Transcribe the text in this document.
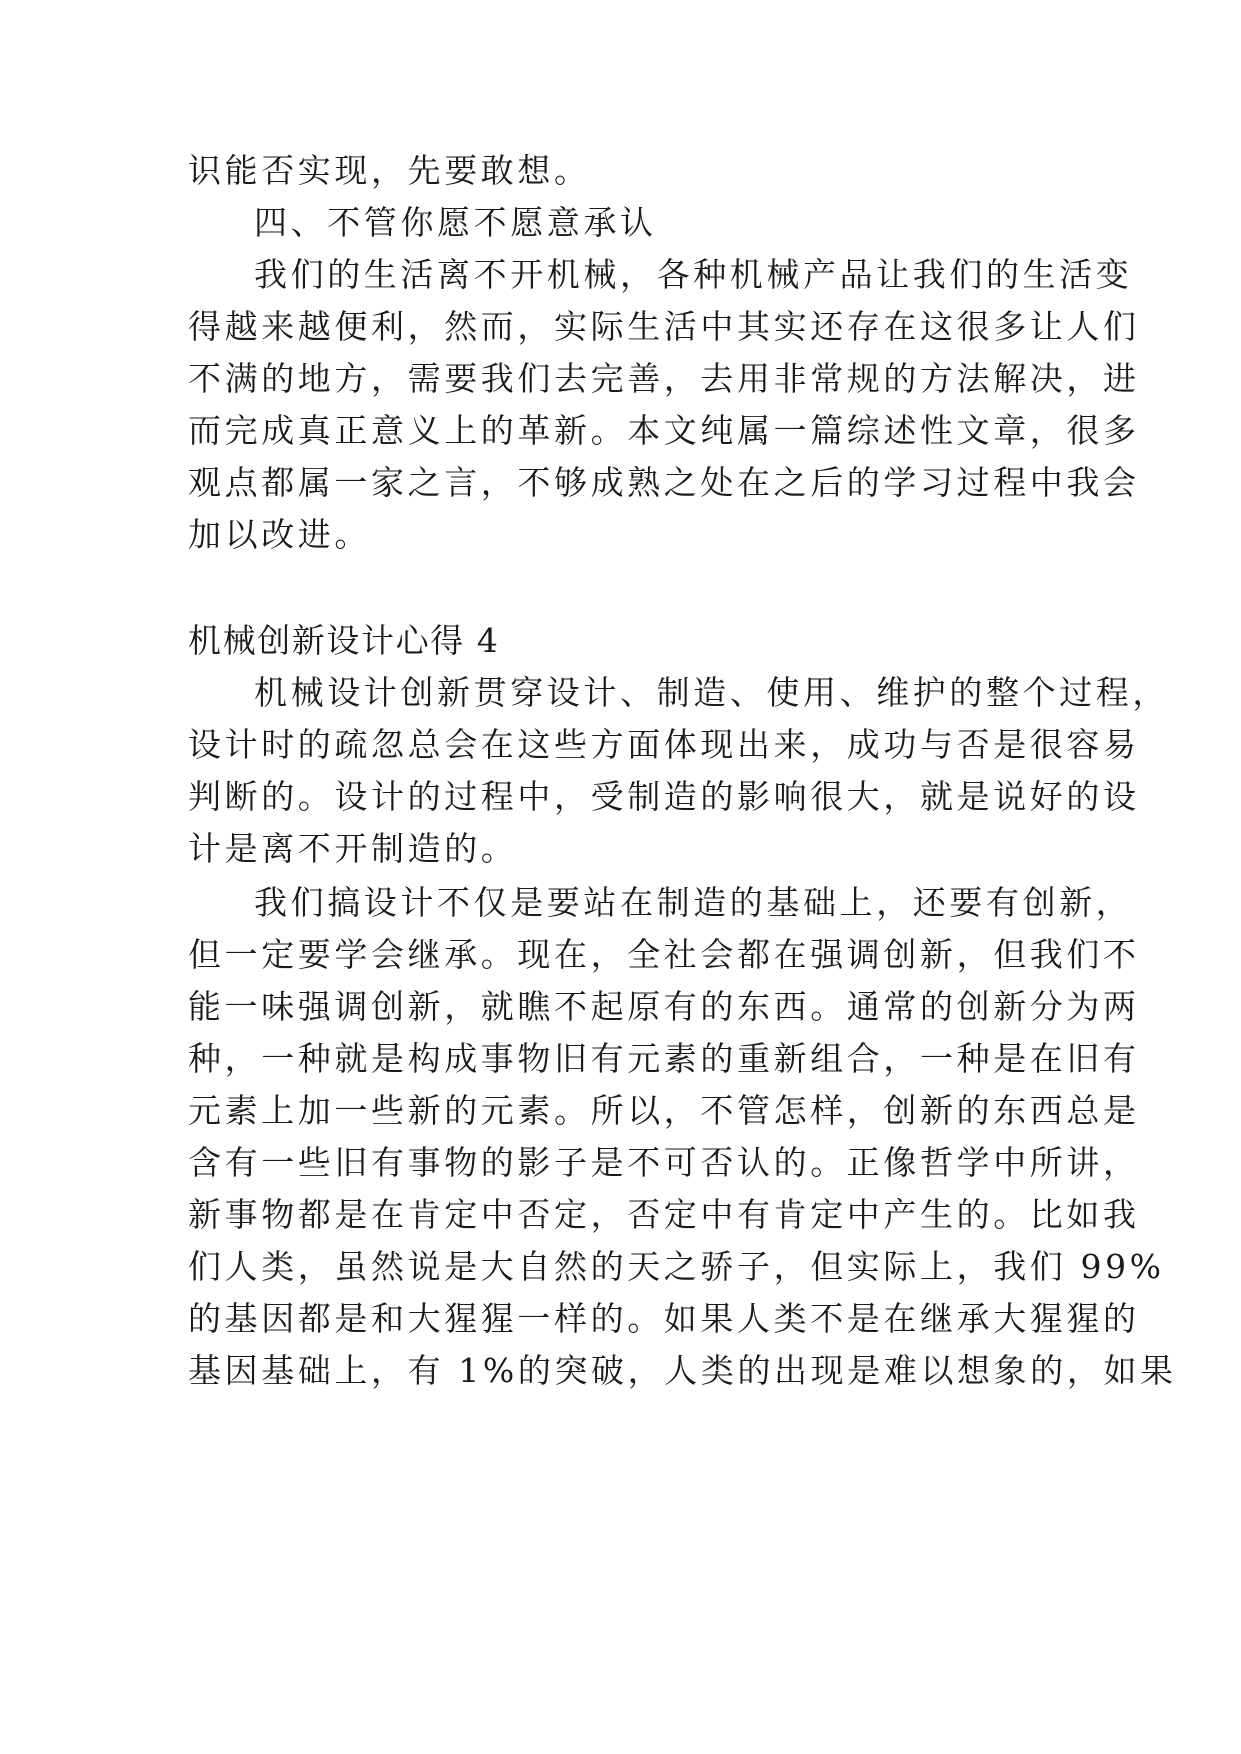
识能否实现，先要敢想。

四、不管你愿不愿意承认

我们的生活离不开机械，各种机械产品让我们的生活变

得越来越便利，然而，实际生活中其实还存在这很多让人们

不满的地方，需要我们去完善，去用非常规的方法解决，进

而完成真正意义上的革新。本文纯属一篇综述性文章，很多

观点都属一家之言，不够成熟之处在之后的学习过程中我会

加以改进。

机械创新设计心得 4

机械设计创新贯穿设计、制造、使用、维护的整个过程，

设计时的疏忽总会在这些方面体现出来，成功与否是很容易

判断的。设计的过程中，受制造的影响很大，就是说好的设

计是离不开制造的。

我们搞设计不仅是要站在制造的基础上，还要有创新，

但一定要学会继承。现在，全社会都在强调创新，但我们不

能一味强调创新，就瞧不起原有的东西。通常的创新分为两

种，一种就是构成事物旧有元素的重新组合，一种是在旧有

元素上加一些新的元素。所以，不管怎样，创新的东西总是

含有一些旧有事物的影子是不可否认的。正像哲学中所讲，

新事物都是在肯定中否定，否定中有肯定中产生的。比如我

们人类，虽然说是大自然的天之骄子，但实际上，我们 99%

的基因都是和大猩猩一样的。如果人类不是在继承大猩猩的

基因基础上，有 1%的突破，人类的出现是难以想象的，如果
